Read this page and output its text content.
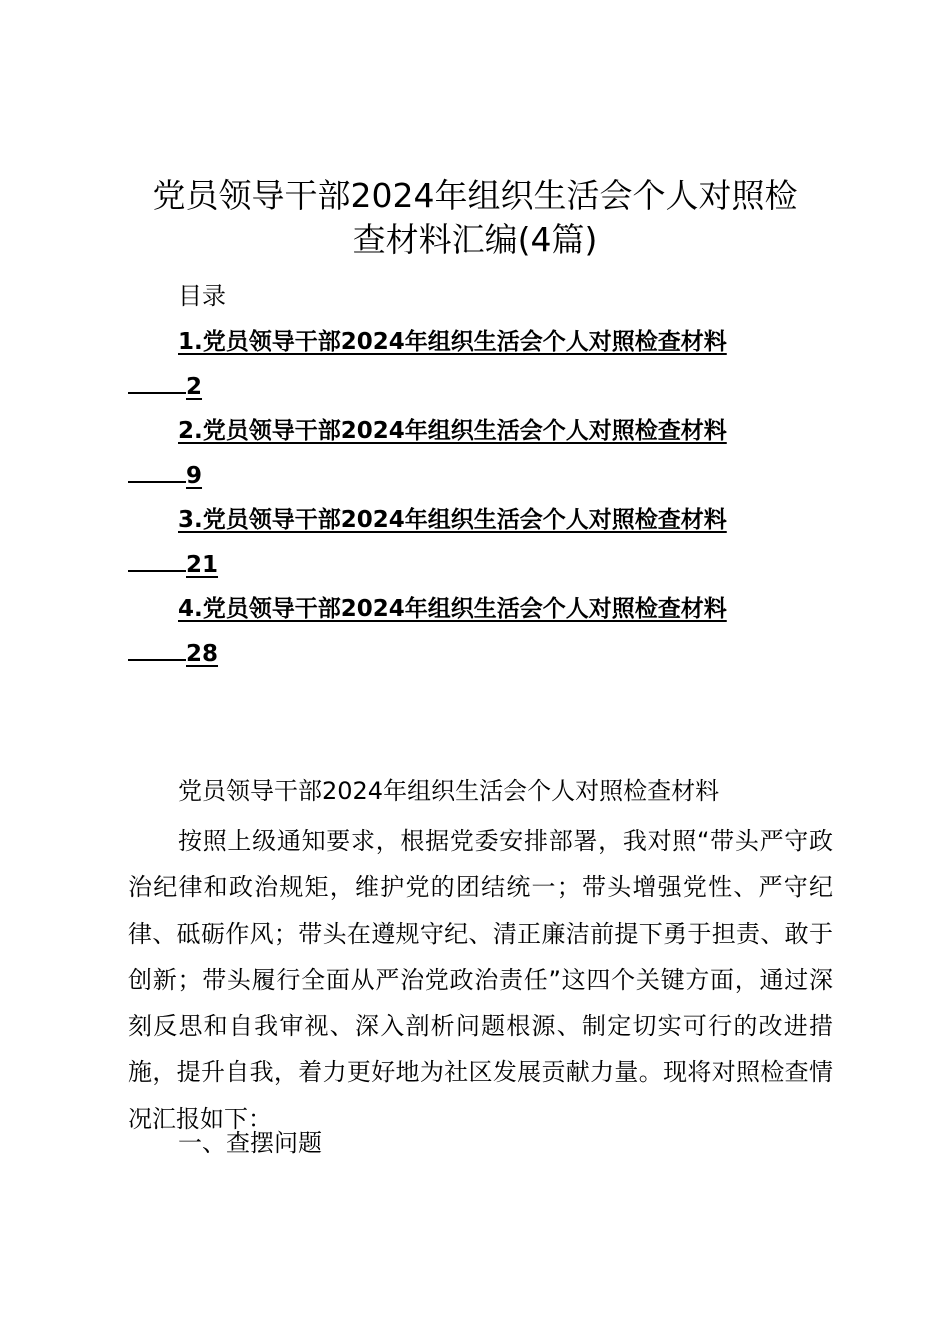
党员领导干部2024年组织生活会个人对照检
查材料汇编(4篇)
目录
1.党员领导干部2024年组织生活会个人对照检查材料
2
2.党员领导干部2024年组织生活会个人对照检查材料
9
3.党员领导干部2024年组织生活会个人对照检查材料
21
4.党员领导干部2024年组织生活会个人对照检查材料
28
党员领导干部2024年组织生活会个人对照检查材料
按照上级通知要求，根据党委安排部署，我对照“带头严守政治纪律和政治规矩，维护党的团结统一；带头增强党性、严守纪律、砥砺作风；带头在遵规守纪、清正廉洁前提下勇于担责、敢于创新；带头履行全面从严治党政治责任”这四个关键方面，通过深刻反思和自我审视、深入剖析问题根源、制定切实可行的改进措施，提升自我，着力更好地为社区发展贡献力量。现将对照检查情况汇报如下：
一、查摆问题
